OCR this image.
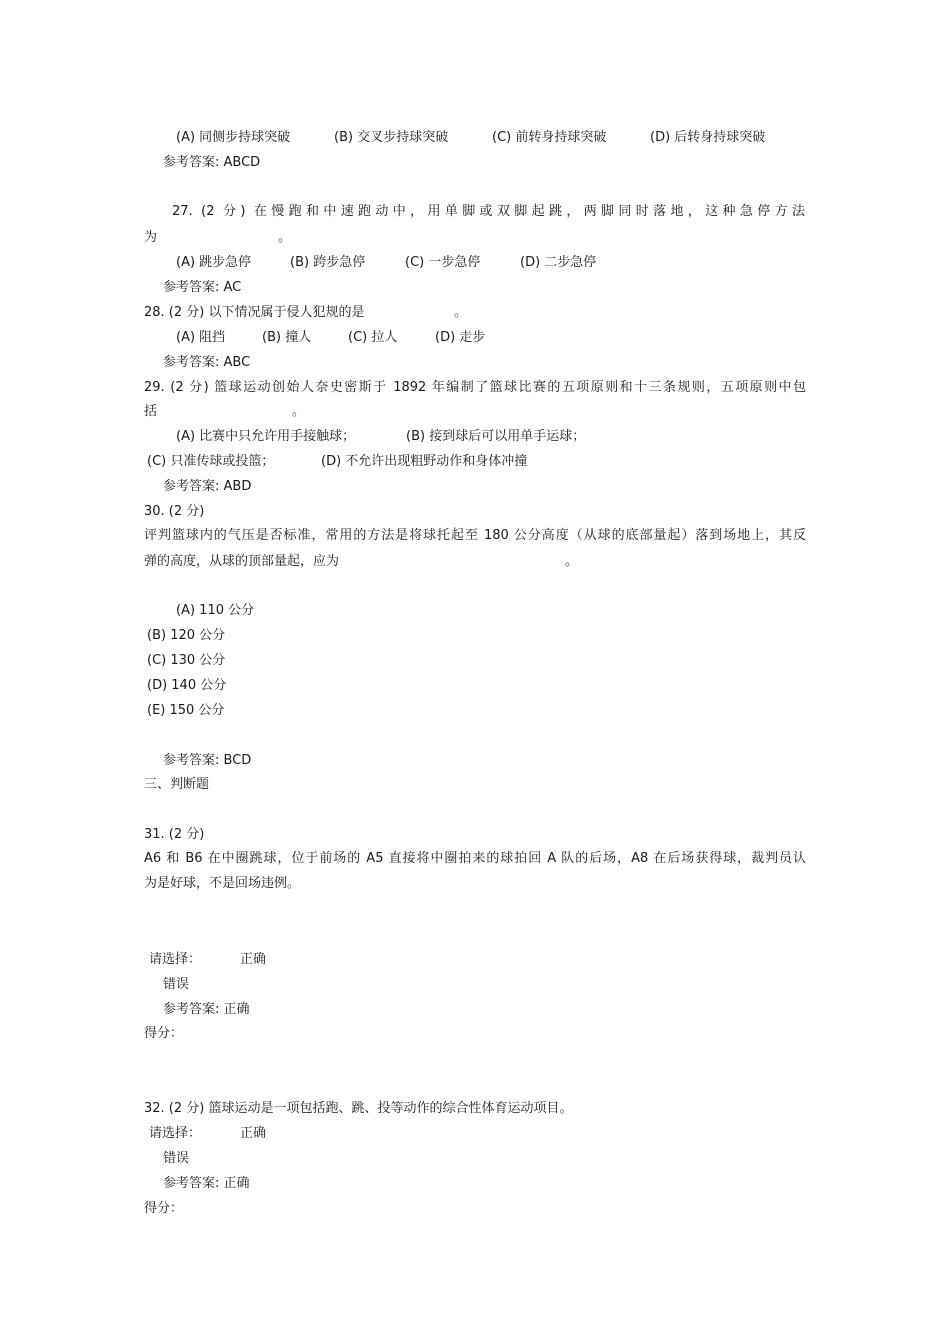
(A) 同侧步持球突破	(B) 交叉步持球突破	(C) 前转身持球突破	(D) 后转身持球突破
参考答案: ABCD
27. (2 分) 在慢跑和中速跑动中，用单脚或双脚起跳，两脚同时落地，这种急停方法
为	。
(A) 跳步急停	(B) 跨步急停	(C) 一步急停	(D) 二步急停
参考答案: AC
28. (2 分) 以下情况属于侵人犯规的是	。
(A) 阻挡	(B) 撞人	(C) 拉人	(D) 走步
参考答案: ABC
29. (2 分) 篮球运动创始人奈史密斯于 1892 年编制了篮球比赛的五项原则和十三条规则，五项原则中包
括	。
(A) 比赛中只允许用手接触球；	(B) 接到球后可以用单手运球；
(C) 只准传球或投篮；	(D) 不允许出现粗野动作和身体冲撞
参考答案: ABD
30. (2 分)
评判篮球内的气压是否标准，常用的方法是将球托起至 180 公分高度（从球的底部量起）落到场地上，其反
弹的高度，从球的顶部量起，应为	。
(A) 110 公分
(B) 120 公分
(C) 130 公分
(D) 140 公分
(E) 150 公分
参考答案: BCD
三、判断题
31. (2 分)
A6 和 B6 在中圈跳球，位于前场的 A5 直接将中圈拍来的球拍回 A 队的后场，A8 在后场获得球，裁判员认
为是好球，不是回场违例。
请选择：	正确
错误
参考答案: 正确
得分：
32. (2 分) 篮球运动是一项包括跑、跳、投等动作的综合性体育运动项目。
请选择：	正确
错误
参考答案: 正确
得分：
